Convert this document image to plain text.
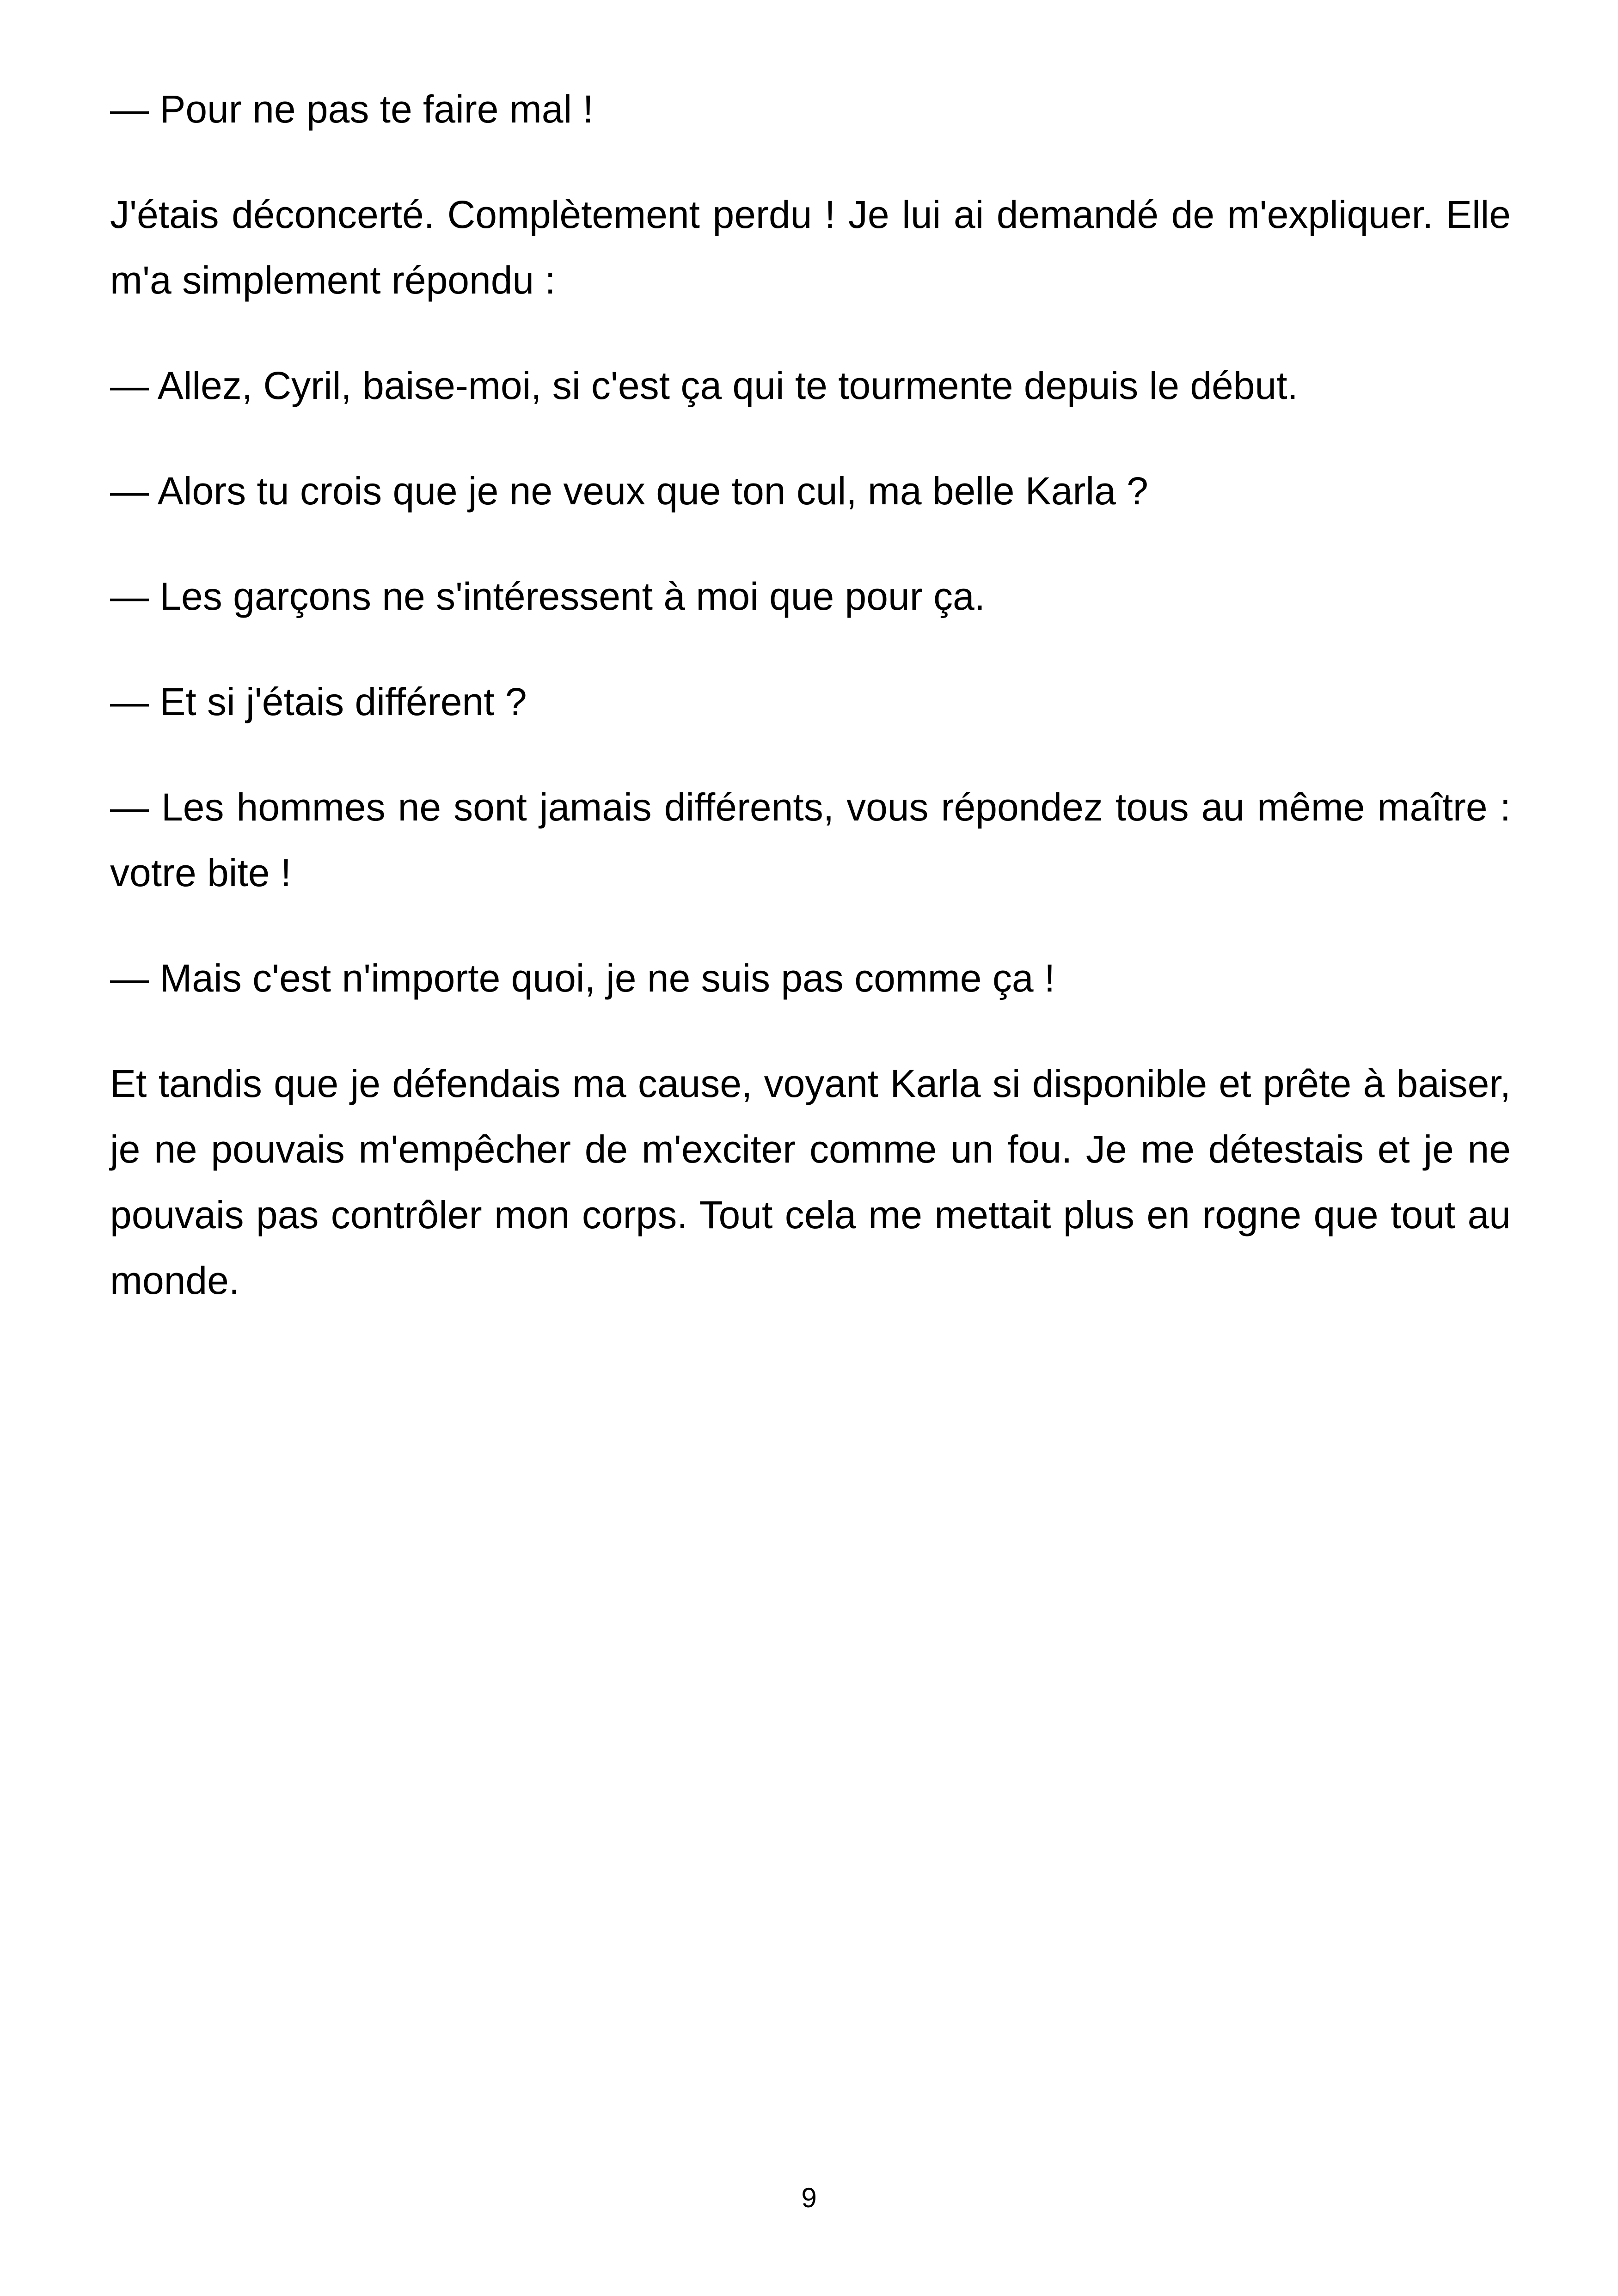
— Pour ne pas te faire mal !

J'étais déconcerté. Complètement perdu ! Je lui ai demandé de m'expliquer. Elle m'a simplement répondu :

— Allez, Cyril, baise-moi, si c'est ça qui te tourmente depuis le début.

— Alors tu crois que je ne veux que ton cul, ma belle Karla ?

— Les garçons ne s'intéressent à moi que pour ça.

— Et si j'étais différent ?

— Les hommes ne sont jamais différents, vous répondez tous au même maître : votre bite !

— Mais c'est n'importe quoi, je ne suis pas comme ça !

Et tandis que je défendais ma cause, voyant Karla si disponible et prête à baiser, je ne pouvais m'empêcher de m'exciter comme un fou. Je me détestais et je ne pouvais pas contrôler mon corps. Tout cela me mettait plus en rogne que tout au monde.

9
